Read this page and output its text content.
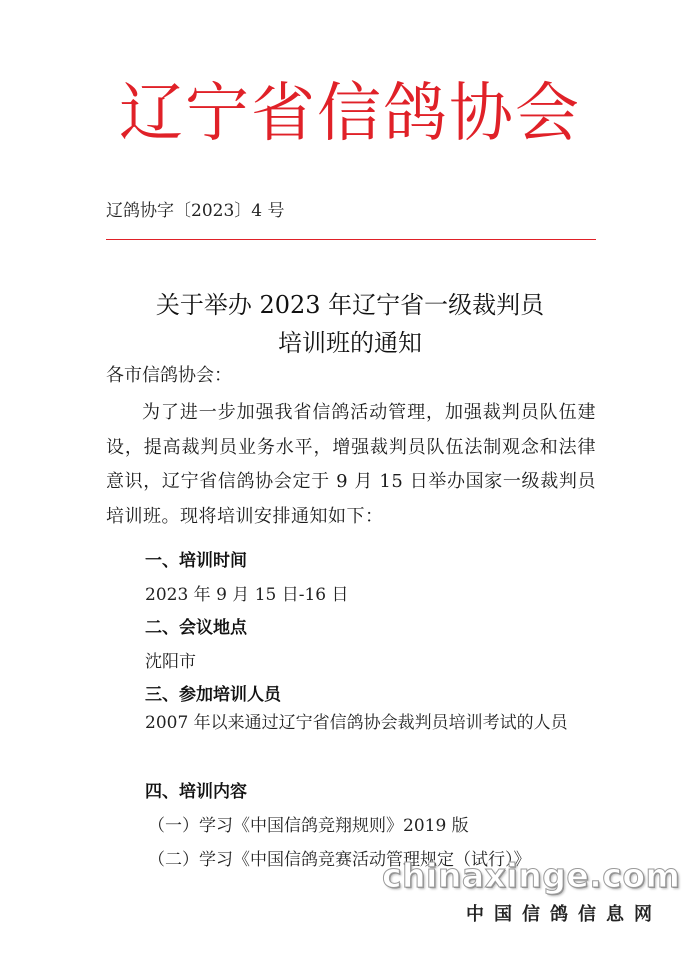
辽宁省信鸽协会
辽鸽协字〔2023〕4 号
关于举办 2023 年辽宁省一级裁判员
培训班的通知
各市信鸽协会：
为了进一步加强我省信鸽活动管理，加强裁判员队伍建设，提高裁判员业务水平，增强裁判员队伍法制观念和法律意识，辽宁省信鸽协会定于 9 月 15 日举办国家一级裁判员培训班。现将培训安排通知如下：
一、培训时间
2023 年 9 月 15 日-16 日
二、会议地点
沈阳市
三、参加培训人员
2007 年以来通过辽宁省信鸽协会裁判员培训考试的人员
四、培训内容
（一）学习《中国信鸽竞翔规则》2019 版
（二）学习《中国信鸽竞赛活动管理规定（试行）》
chinaxinge.com
中国信鸽信息网
